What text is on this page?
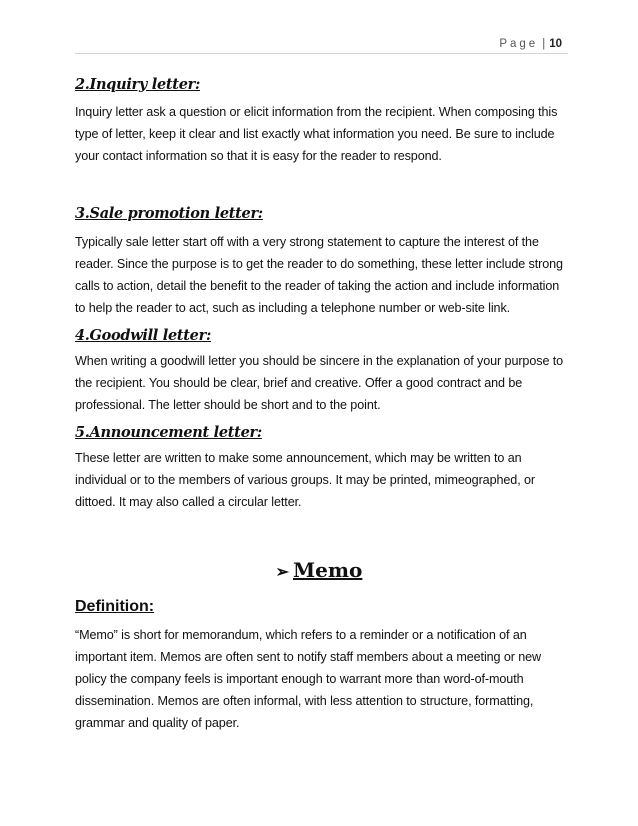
Page | 10

2.Inquiry letter:

Inquiry letter ask a question or elicit information from the recipient. When composing this type of letter, keep it clear and list exactly what information you need. Be sure to include your contact information so that it is easy for the reader to respond.

3.Sale promotion letter:

Typically sale letter start off with a very strong statement to capture the interest of the reader. Since the purpose is to get the reader to do something, these letter include strong calls to action, detail the benefit to the reader of taking the action and include information to help the reader to act, such as including a telephone number or web-site link.

4.Goodwill letter:

When writing a goodwill letter you should be sincere in the explanation of your purpose to the recipient. You should be clear, brief and creative. Offer a good contract and be professional. The letter should be short and to the point.

5.Announcement letter:

These letter are written to make some announcement, which may be written to an individual or to the members of various groups. It may be printed, mimeographed, or dittoed. It may also called a circular letter.

➢ Memo

Definition:

“Memo” is short for memorandum, which refers to a reminder or a notification of an important item. Memos are often sent to notify staff members about a meeting or new policy the company feels is important enough to warrant more than word-of-mouth dissemination. Memos are often informal, with less attention to structure, formatting, grammar and quality of paper.
